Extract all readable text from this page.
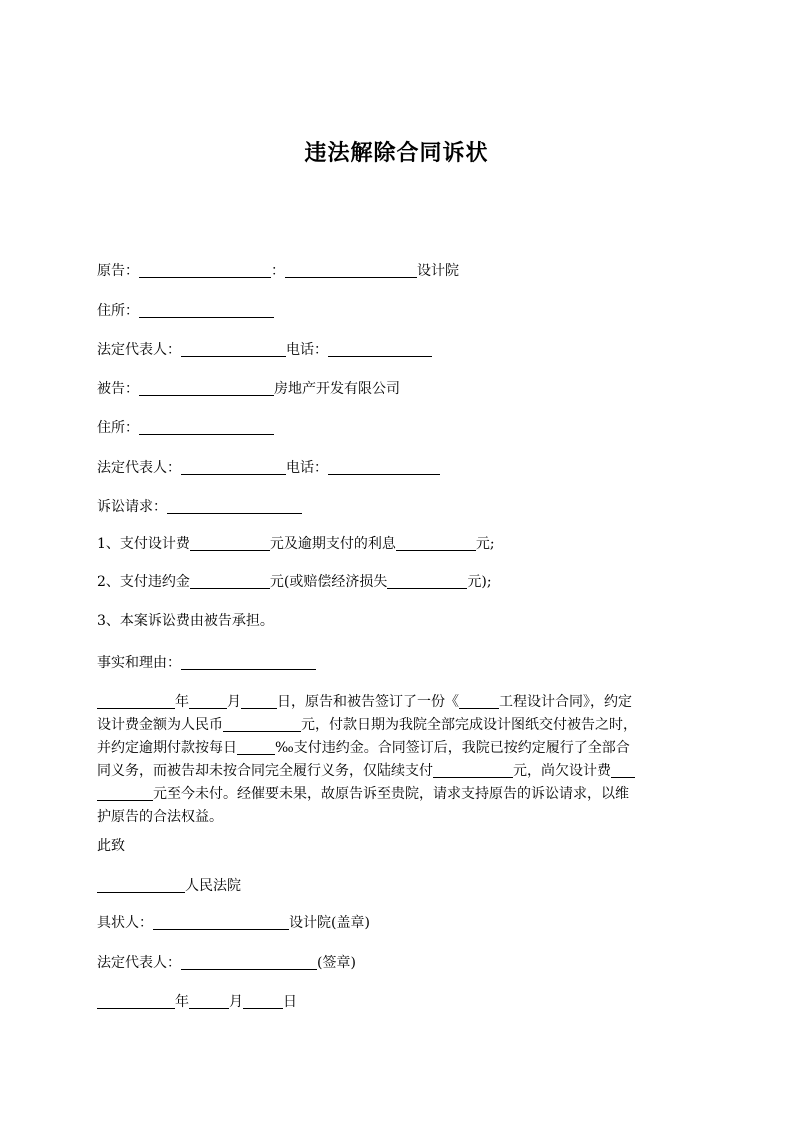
违法解除合同诉状
原告：	：	设计院
住所：
法定代表人：	电话：
被告：	房地产开发有限公司
住所：
法定代表人：	电话：
诉讼请求：
1、支付设计费	元及逾期支付的利息	元;
2、支付违约金	元(或赔偿经济损失	元);
3、本案诉讼费由被告承担。
事实和理由：
年	月	日，原告和被告签订了一份《	工程设计合同》，约定
设计费金额为人民币	元，付款日期为我院全部完成设计图纸交付被告之时，
并约定逾期付款按每日	‰支付违约金。合同签订后，我院已按约定履行了全部合
同义务，而被告却未按合同完全履行义务，仅陆续支付	元，尚欠设计费
元至今未付。经催要未果，故原告诉至贵院，请求支持原告的诉讼请求，以维
护原告的合法权益。
此致
人民法院
具状人：	设计院(盖章)
法定代表人：	(签章)
年	月	日
